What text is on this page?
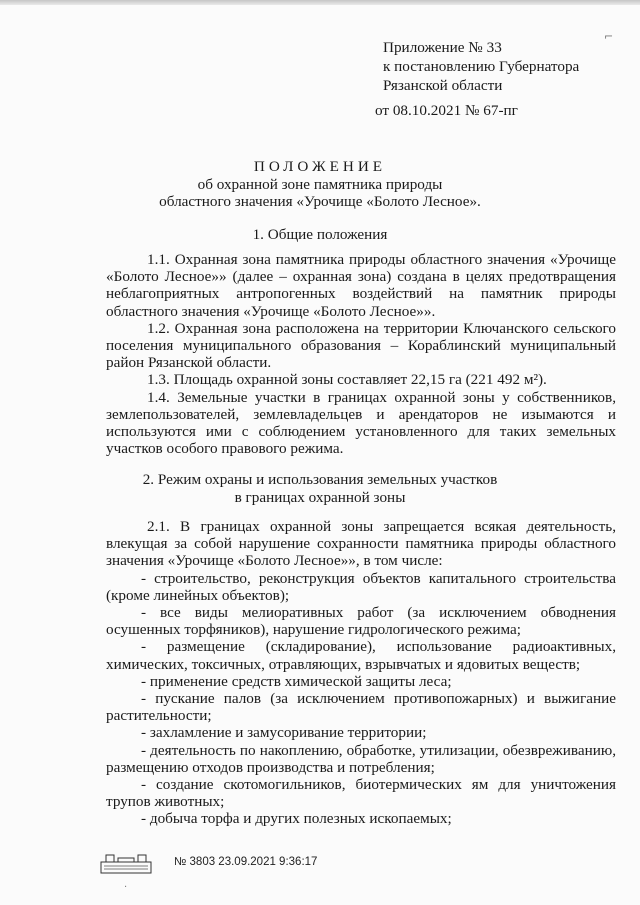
⌐
Приложение № 33
к постановлению Губернатора
Рязанской области
от 08.10.2021 № 67-пг
ПОЛОЖЕНИЕ
об охранной зоне памятника природы
областного значения «Урочище «Болото Лесное».
1. Общие положения

1.1. Охранная зона памятника природы областного значения «Урочище «Болото Лесное»» (далее – охранная зона) создана в целях предотвращения неблагоприятных антропогенных воздействий на памятник природы областного значения «Урочище «Болото Лесное»».

1.2. Охранная зона расположена на территории Ключанского сельского поселения муниципального образования – Кораблинский муниципальный район Рязанской области.

1.3. Площадь охранной зоны составляет 22,15 га (221 492 м²).

1.4. Земельные участки в границах охранной зоны у собственников, землепользователей, землевладельцев и арендаторов не изымаются и используются ими с соблюдением установленного для таких земельных участков особого правового режима.

2. Режим охраны и использования земельных участков
в границах охранной зоны

2.1. В границах охранной зоны запрещается всякая деятельность, влекущая за собой нарушение сохранности памятника природы областного значения «Урочище «Болото Лесное»», в том числе:

- строительство, реконструкция объектов капитального строительства (кроме линейных объектов);

- все виды мелиоративных работ (за исключением обводнения осушенных торфяников), нарушение гидрологического режима;

- размещение (складирование), использование радиоактивных, химических, токсичных, отравляющих, взрывчатых и ядовитых веществ;

- применение средств химической защиты леса;

- пускание палов (за исключением противопожарных) и выжигание растительности;

- захламление и замусоривание территории;

- деятельность по накоплению, обработке, утилизации, обезвреживанию, размещению отходов производства и потребления;

- создание скотомогильников, биотермических ям для уничтожения трупов животных;

- добыча торфа и других полезных ископаемых;

№ 3803 23.09.2021 9:36:17
·
